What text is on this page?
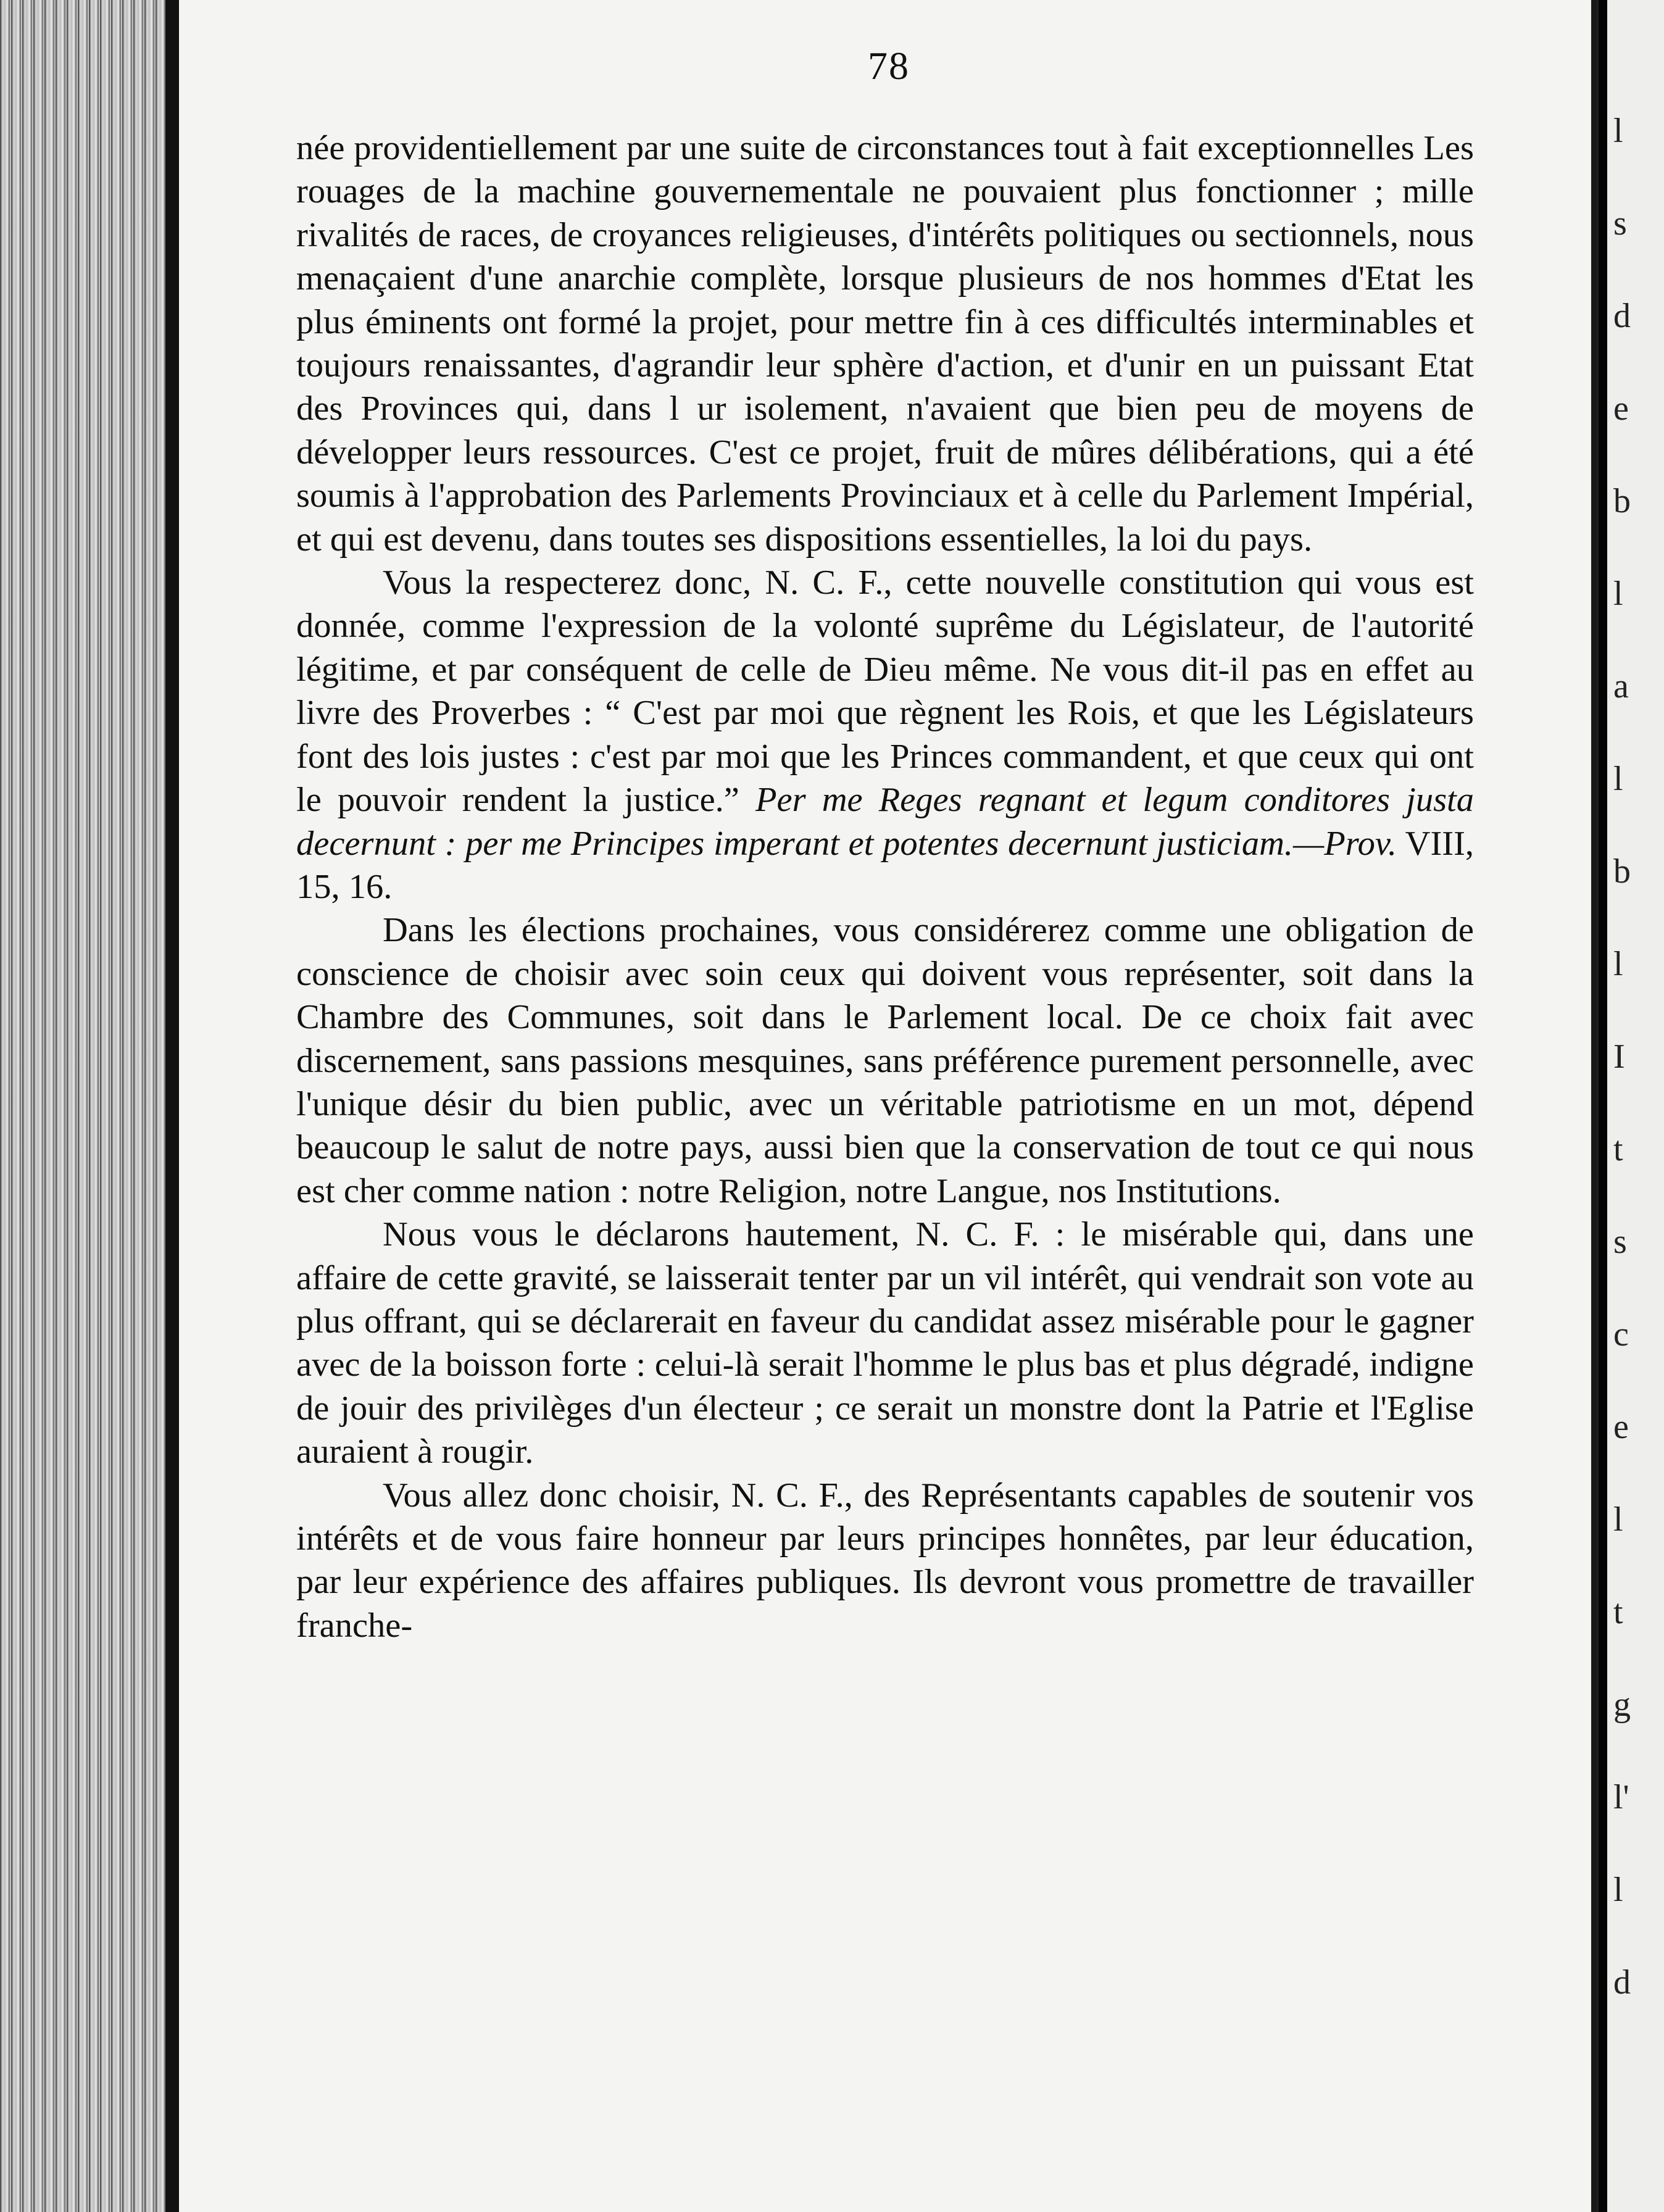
78

née providentiellement par une suite de circonstances tout à fait exceptionnelles Les rouages de la machine gouvernementale ne pouvaient plus fonctionner ; mille rivalités de races, de croyances religieuses, d'intérêts politiques ou sectionnels, nous menaçaient d'une anarchie complète, lorsque plusieurs de nos hommes d'Etat les plus éminents ont formé la projet, pour mettre fin à ces difficultés interminables et toujours renaissantes, d'agrandir leur sphère d'action, et d'unir en un puissant Etat des Provinces qui, dans l ur isolement, n'avaient que bien peu de moyens de développer leurs ressources. C'est ce projet, fruit de mûres délibérations, qui a été soumis à l'approbation des Parlements Provinciaux et à celle du Parlement Impérial, et qui est devenu, dans toutes ses dispositions essentielles, la loi du pays.

Vous la respecterez donc, N. C. F., cette nouvelle constitution qui vous est donnée, comme l'expression de la volonté suprême du Législateur, de l'autorité légitime, et par conséquent de celle de Dieu même. Ne vous dit-il pas en effet au livre des Proverbes : “ C'est par moi que règnent les Rois, et que les Législateurs font des lois justes : c'est par moi que les Princes commandent, et que ceux qui ont le pouvoir rendent la justice.” Per me Reges regnant et legum conditores justa decernunt : per me Principes imperant et potentes decernunt justiciam.—Prov. VIII, 15, 16.

Dans les élections prochaines, vous considérerez comme une obligation de conscience de choisir avec soin ceux qui doivent vous représenter, soit dans la Chambre des Communes, soit dans le Parlement local. De ce choix fait avec discernement, sans passions mesquines, sans préférence purement personnelle, avec l'unique désir du bien public, avec un véritable patriotisme en un mot, dépend beaucoup le salut de notre pays, aussi bien que la conservation de tout ce qui nous est cher comme nation : notre Religion, notre Langue, nos Institutions.

Nous vous le déclarons hautement, N. C. F. : le misérable qui, dans une affaire de cette gravité, se laisserait tenter par un vil intérêt, qui vendrait son vote au plus offrant, qui se déclarerait en faveur du candidat assez misérable pour le gagner avec de la boisson forte : celui-là serait l'homme le plus bas et plus dégradé, indigne de jouir des privilèges d'un électeur ; ce serait un monstre dont la Patrie et l'Eglise auraient à rougir.

Vous allez donc choisir, N. C. F., des Représentants capables de soutenir vos intérêts et de vous faire honneur par leurs principes honnêtes, par leur éducation, par leur expérience des affaires publiques. Ils devront vous promettre de travailler franche-

l
s
d
e
b
l
a
l
b
l
I
t
s
c
e
l
t
g
l'
l
d
